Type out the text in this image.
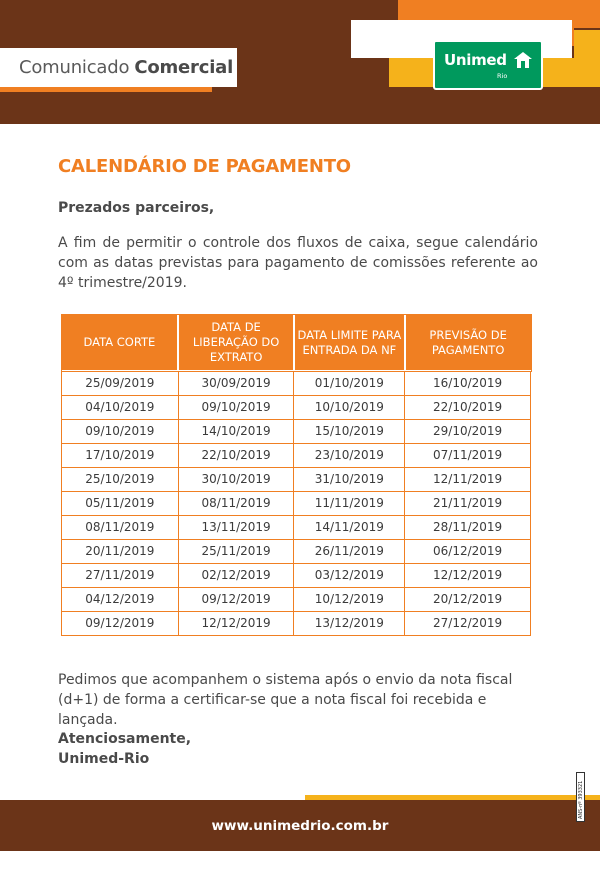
Comunicado Comercial	Unimed
Rio
CALENDÁRIO DE PAGAMENTO
Prezados parceiros,

A fim de permitir o controle dos fluxos de caixa, segue calendário com as datas previstas para pagamento de comissões referente ao 4º trimestre/2019.

DATA CORTE	DATA DE LIBERAÇÃO DO EXTRATO	DATA LIMITE PARA ENTRADA DA NF	PREVISÃO DE PAGAMENTO
25/09/2019	30/09/2019	01/10/2019	16/10/2019
04/10/2019	09/10/2019	10/10/2019	22/10/2019
09/10/2019	14/10/2019	15/10/2019	29/10/2019
17/10/2019	22/10/2019	23/10/2019	07/11/2019
25/10/2019	30/10/2019	31/10/2019	12/11/2019
05/11/2019	08/11/2019	11/11/2019	21/11/2019
08/11/2019	13/11/2019	14/11/2019	28/11/2019
20/11/2019	25/11/2019	26/11/2019	06/12/2019
27/11/2019	02/12/2019	03/12/2019	12/12/2019
04/12/2019	09/12/2019	10/12/2019	20/12/2019
09/12/2019	12/12/2019	13/12/2019	27/12/2019

Pedimos que acompanhem o sistema após o envio da nota fiscal (d+1) de forma a certificar-se que a nota fiscal foi recebida e lançada.

Atenciosamente,
Unimed-Rio
www.unimedrio.com.br
ANS-nº 393321
